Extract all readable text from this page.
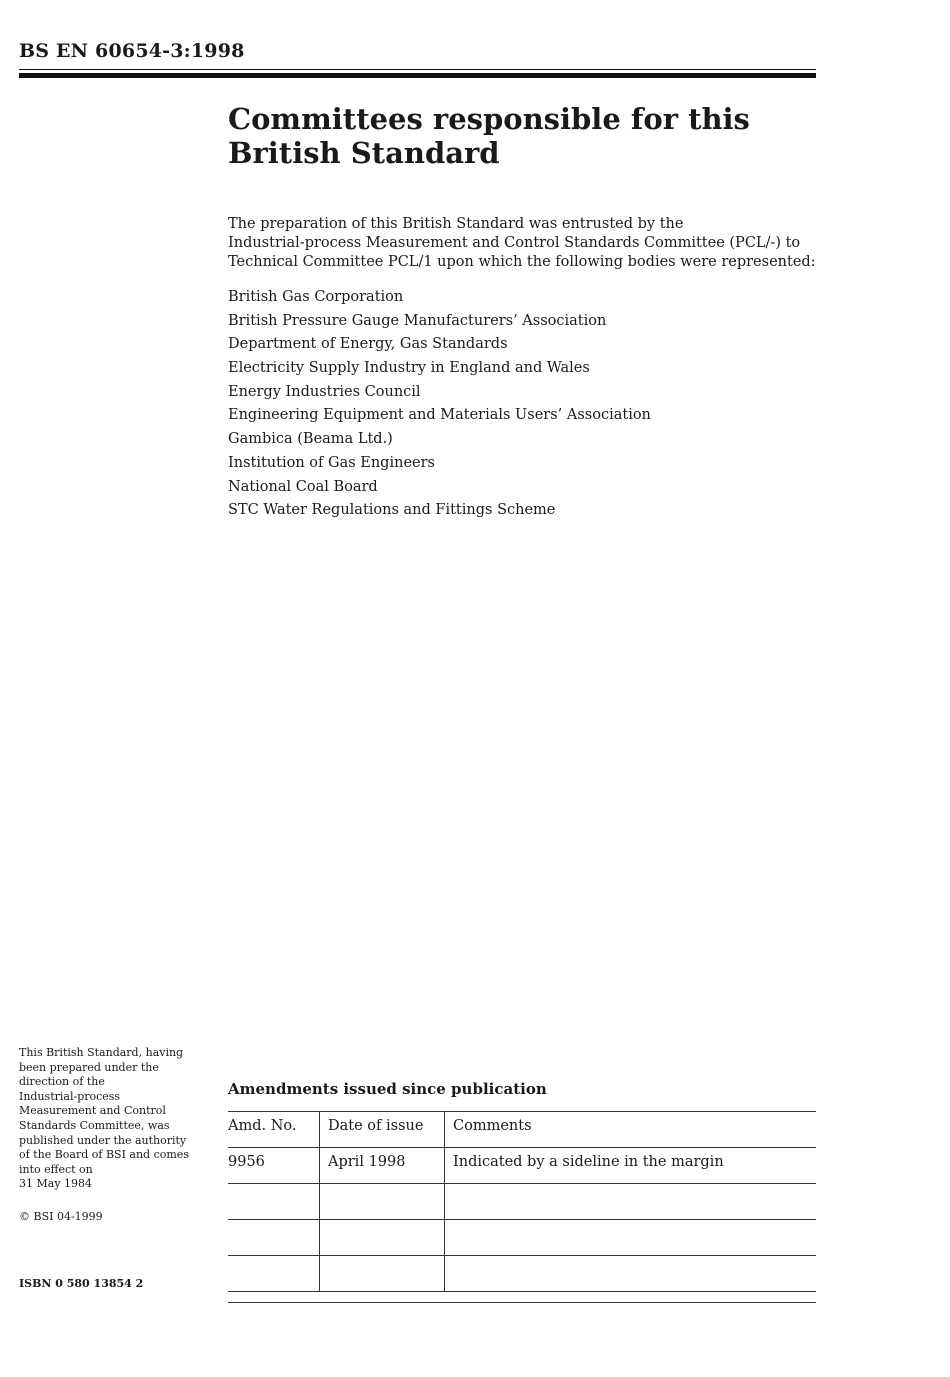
BS EN 60654-3:1998
Committees responsible for this
British Standard
The preparation of this British Standard was entrusted by the
Industrial-process Measurement and Control Standards Committee (PCL/-) to
Technical Committee PCL/1 upon which the following bodies were represented:
British Gas Corporation
British Pressure Gauge Manufacturers’ Association
Department of Energy, Gas Standards
Electricity Supply Industry in England and Wales
Energy Industries Council
Engineering Equipment and Materials Users’ Association
Gambica (Beama Ltd.)
Institution of Gas Engineers
National Coal Board
STC Water Regulations and Fittings Scheme
This British Standard, having
been prepared under the
direction of the
Industrial-process
Measurement and Control
Standards Committee, was
published under the authority
of the Board of BSI and comes
into effect on
31 May 1984
© BSI 04-1999
ISBN 0 580 13854 2
Amendments issued since publication
Amd. No.	Date of issue	Comments

9956	April 1998	Indicated by a sideline in the margin
